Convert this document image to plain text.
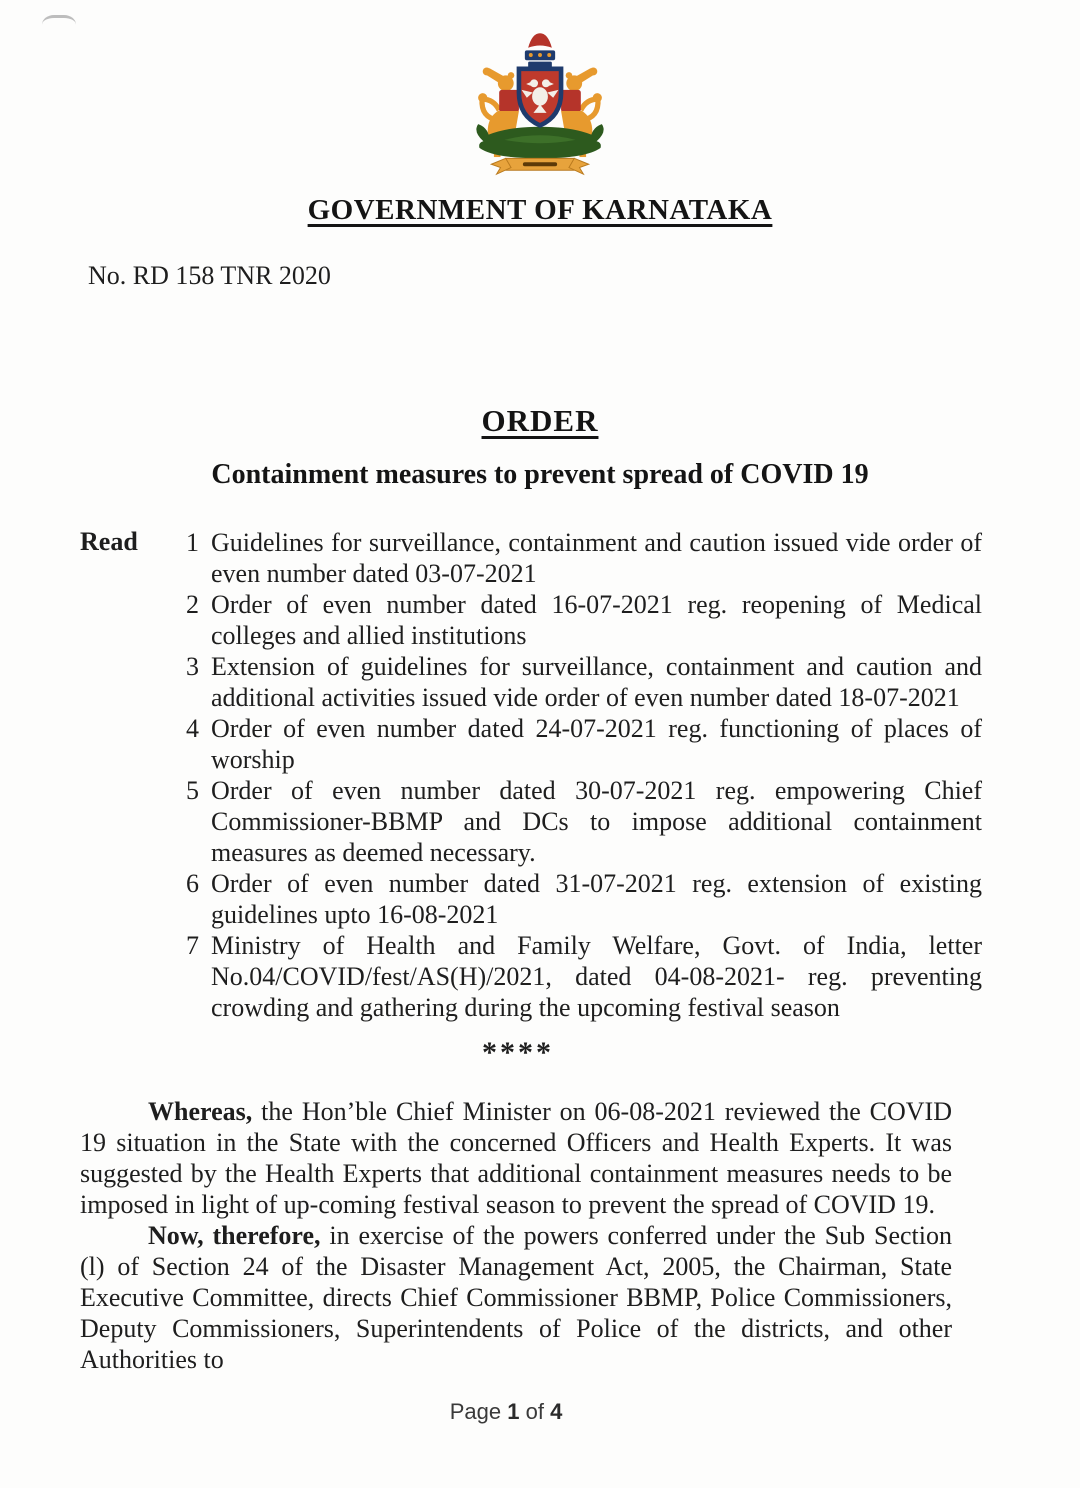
GOVERNMENT OF KARNATAKA
No. RD 158 TNR 2020
ORDER
Containment measures to prevent spread of COVID 19
Read 1 Guidelines for surveillance, containment and caution issued vide order of even number dated 03-07-2021
2 Order of even number dated 16-07-2021 reg. reopening of Medical colleges and allied institutions
3 Extension of guidelines for surveillance, containment and caution and additional activities issued vide order of even number dated 18-07-2021
4 Order of even number dated 24-07-2021 reg. functioning of places of worship
5 Order of even number dated 30-07-2021 reg. empowering Chief Commissioner-BBMP and DCs to impose additional containment measures as deemed necessary.
6 Order of even number dated 31-07-2021 reg. extension of existing guidelines upto 16-08-2021
7 Ministry of Health and Family Welfare, Govt. of India, letter No.04/COVID/fest/AS(H)/2021, dated 04-08-2021- reg. preventing crowding and gathering during the upcoming festival season
****

Whereas, the Hon’ble Chief Minister on 06-08-2021 reviewed the COVID 19 situation in the State with the concerned Officers and Health Experts. It was suggested by the Health Experts that additional containment measures needs to be imposed in light of up-coming festival season to prevent the spread of COVID 19.

Now, therefore, in exercise of the powers conferred under the Sub Section (l) of Section 24 of the Disaster Management Act, 2005, the Chairman, State Executive Committee, directs Chief Commissioner BBMP, Police Commissioners, Deputy Commissioners, Superintendents of Police of the districts, and other Authorities to

Page 1 of 4
